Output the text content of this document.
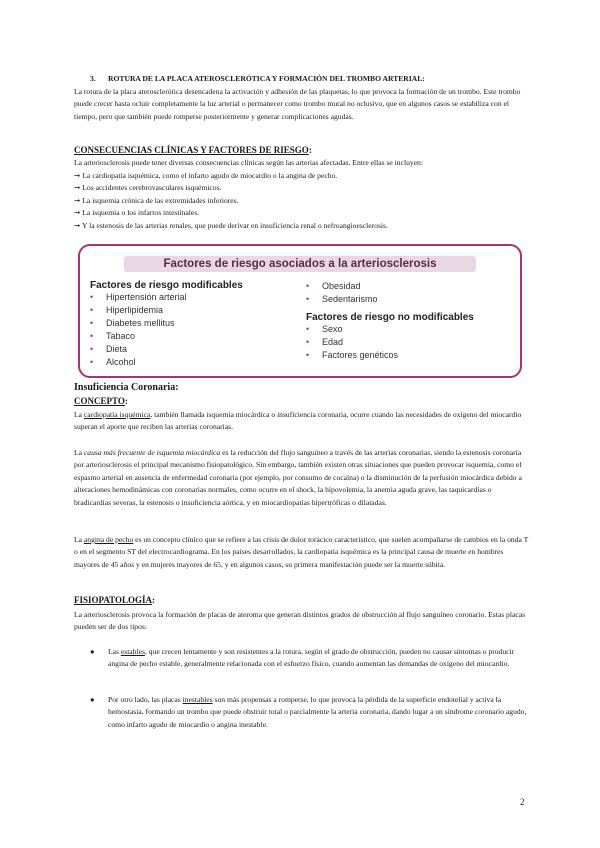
3. ROTURA DE LA PLACA ATEROSCLERÓTICA Y FORMACIÓN DEL TROMBO ARTERIAL:
La rotura de la placa aterosclerótica desencadena la activación y adhesión de las plaquetas, lo que provoca la formación de un trombo. Este trombo puede crecer hasta ocluir completamente la luz arterial o permanecer como trombo mural no oclusivo, que en algunos casos se estabiliza con el tiempo, pero que también puede romperse posteriormente y generar complicaciones agudas.
CONSECUENCIAS CLÍNICAS Y FACTORES DE RIESGO:
La arteriosclerosis puede tener diversas consecuencias clínicas según las arterias afectadas. Entre ellas se incluyen:
➞ La cardiopatía isquémica, como el infarto agudo de miocardio o la angina de pecho.
➞ Los accidentes cerebrovasculares isquémicos.
➞ La isquemia crónica de las extremidades inferiores.
➞ La isquemia o los infartos intestinales.
➞ Y la estenosis de las arterias renales, que puede derivar en insuficiencia renal o nefroangioesclerosis.
Factores de riesgo asociados a la arteriosclerosis
Factores de riesgo modificables
• Hipertensión arterial
• Hiperlipidemia
• Diabetes mellitus
• Tabaco
• Dieta
• Alcohol
• Obesidad
• Sedentarismo
Factores de riesgo no modificables
• Sexo
• Edad
• Factores genéticos
Insuficiencia Coronaria:
CONCEPTO:
La cardiopatía isquémica, también llamada isquemia miocárdica o insuficiencia coronaria, ocurre cuando las necesidades de oxígeno del miocardio superan el aporte que reciben las arterias coronarias.
La causa más frecuente de isquemia miocárdica es la reducción del flujo sanguíneo a través de las arterias coronarias, siendo la estenosis coronaria por arteriosclerosis el principal mecanismo fisiopatológico. Sin embargo, también existen otras situaciones que pueden provocar isquemia, como el espasmo arterial en ausencia de enfermedad coronaria (por ejemplo, por consumo de cocaína) o la disminución de la perfusión miocárdica debido a alteraciones hemodinámicas con coronarias normales, como ocurre en el shock, la hipovolemia, la anemia aguda grave, las taquicardias o bradicardias severas, la estenosis o insuficiencia aórtica, y en miocardiopatías hipertróficas o dilatadas.
La angina de pecho es un concepto clínico que se refiere a las crisis de dolor torácico característico, que suelen acompañarse de cambios en la onda T o en el segmento ST del electrocardiograma. En los países desarrollados, la cardiopatía isquémica es la principal causa de muerte en hombres mayores de 45 años y en mujeres mayores de 65, y en algunos casos, su primera manifestación puede ser la muerte súbita.
FISIOPATOLOGÍA:
La arteriosclerosis provoca la formación de placas de ateroma que generan distintos grados de obstrucción al flujo sanguíneo coronario. Estas placas pueden ser de dos tipos:
●	Las estables, que crecen lentamente y son resistentes a la rotura, según el grado de obstrucción, pueden no causar síntomas o producir angina de pecho estable, generalmente relacionada con el esfuerzo físico, cuando aumentan las demandas de oxígeno del miocardio.
●	Por otro lado, las placas inestables son más propensas a romperse, lo que provoca la pérdida de la superficie endotelial y activa la hemostasia, formando un trombo que puede obstruir total o parcialmente la arteria coronaria, dando lugar a un síndrome coronario agudo, como infarto agudo de miocardio o angina inestable.
2
